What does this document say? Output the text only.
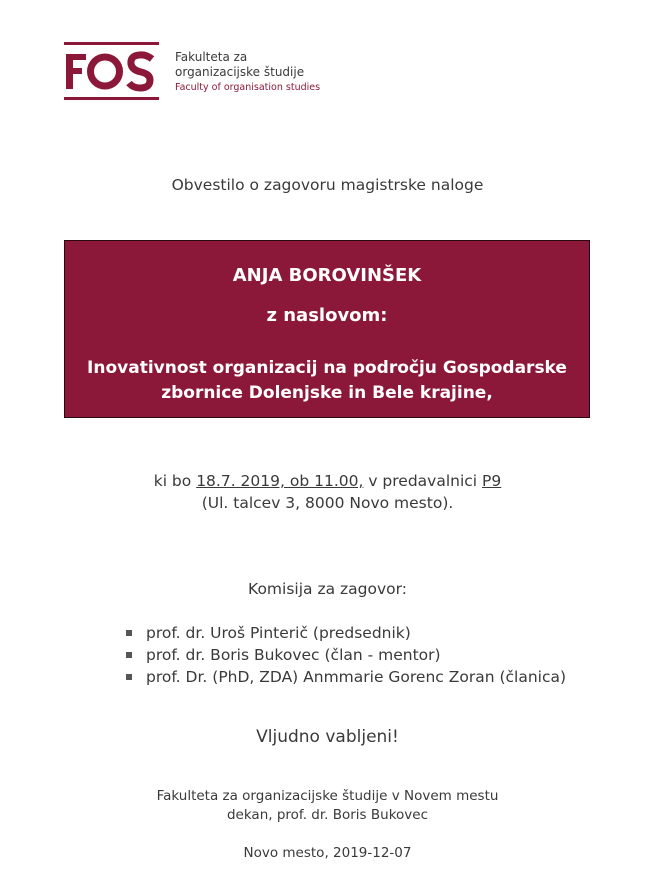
Fakulteta za
organizacijske študije
Faculty of organisation studies
Obvestilo o zagovoru magistrske naloge
ANJA BOROVINŠEK
z naslovom:
Inovativnost organizacij na področju Gospodarske
zbornice Dolenjske in Bele krajine,
ki bo 18.7. 2019, ob 11.00, v predavalnici P9
(Ul. talcev 3, 8000 Novo mesto).
Komisija za zagovor:
prof. dr. Uroš Pinterič (predsednik)
prof. dr. Boris Bukovec (član - mentor)
prof. Dr. (PhD, ZDA) Anmmarie Gorenc Zoran (članica)
Vljudno vabljeni!
Fakulteta za organizacijske študije v Novem mestu
dekan, prof. dr. Boris Bukovec
Novo mesto, 2019-12-07
